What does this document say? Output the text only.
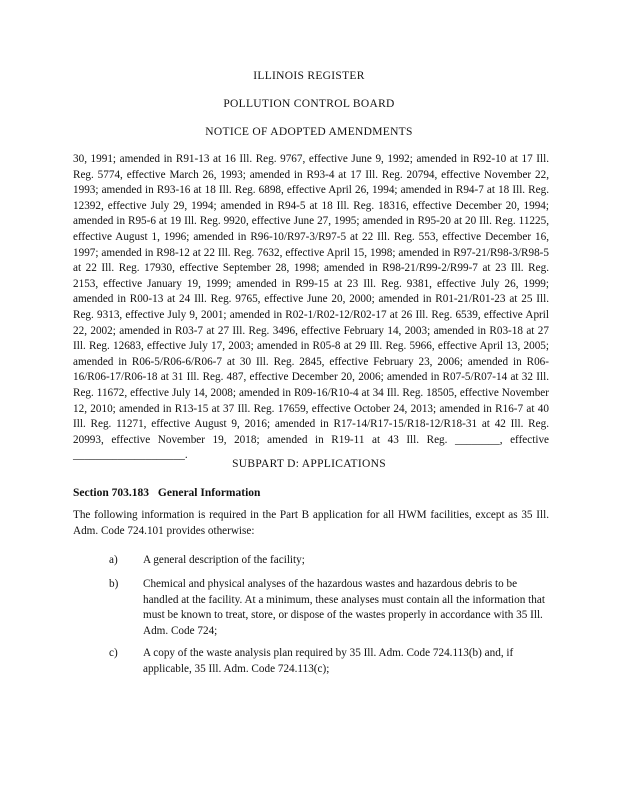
ILLINOIS REGISTER
POLLUTION CONTROL BOARD
NOTICE OF ADOPTED AMENDMENTS
30, 1991; amended in R91-13 at 16 Ill. Reg. 9767, effective June 9, 1992; amended in R92-10 at 17 Ill. Reg. 5774, effective March 26, 1993; amended in R93-4 at 17 Ill. Reg. 20794, effective November 22, 1993; amended in R93-16 at 18 Ill. Reg. 6898, effective April 26, 1994; amended in R94-7 at 18 Ill. Reg. 12392, effective July 29, 1994; amended in R94-5 at 18 Ill. Reg. 18316, effective December 20, 1994; amended in R95-6 at 19 Ill. Reg. 9920, effective June 27, 1995; amended in R95-20 at 20 Ill. Reg. 11225, effective August 1, 1996; amended in R96-10/R97-3/R97-5 at 22 Ill. Reg. 553, effective December 16, 1997; amended in R98-12 at 22 Ill. Reg. 7632, effective April 15, 1998; amended in R97-21/R98-3/R98-5 at 22 Ill. Reg. 17930, effective September 28, 1998; amended in R98-21/R99-2/R99-7 at 23 Ill. Reg. 2153, effective January 19, 1999; amended in R99-15 at 23 Ill. Reg. 9381, effective July 26, 1999; amended in R00-13 at 24 Ill. Reg. 9765, effective June 20, 2000; amended in R01-21/R01-23 at 25 Ill. Reg. 9313, effective July 9, 2001; amended in R02-1/R02-12/R02-17 at 26 Ill. Reg. 6539, effective April 22, 2002; amended in R03-7 at 27 Ill. Reg. 3496, effective February 14, 2003; amended in R03-18 at 27 Ill. Reg. 12683, effective July 17, 2003; amended in R05-8 at 29 Ill. Reg. 5966, effective April 13, 2005; amended in R06-5/R06-6/R06-7 at 30 Ill. Reg. 2845, effective February 23, 2006; amended in R06-16/R06-17/R06-18 at 31 Ill. Reg. 487, effective December 20, 2006; amended in R07-5/R07-14 at 32 Ill. Reg. 11672, effective July 14, 2008; amended in R09-16/R10-4 at 34 Ill. Reg. 18505, effective November 12, 2010; amended in R13-15 at 37 Ill. Reg. 17659, effective October 24, 2013; amended in R16-7 at 40 Ill. Reg. 11271, effective August 9, 2016; amended in R17-14/R17-15/R18-12/R18-31 at 42 Ill. Reg. 20993, effective November 19, 2018; amended in R19-11 at 43 Ill. Reg. ________, effective ____________________.
SUBPART D: APPLICATIONS
Section 703.183 General Information
The following information is required in the Part B application for all HWM facilities, except as 35 Ill. Adm. Code 724.101 provides otherwise:
a) A general description of the facility;
b) Chemical and physical analyses of the hazardous wastes and hazardous debris to be handled at the facility. At a minimum, these analyses must contain all the information that must be known to treat, store, or dispose of the wastes properly in accordance with 35 Ill. Adm. Code 724;
c) A copy of the waste analysis plan required by 35 Ill. Adm. Code 724.113(b) and, if applicable, 35 Ill. Adm. Code 724.113(c);
